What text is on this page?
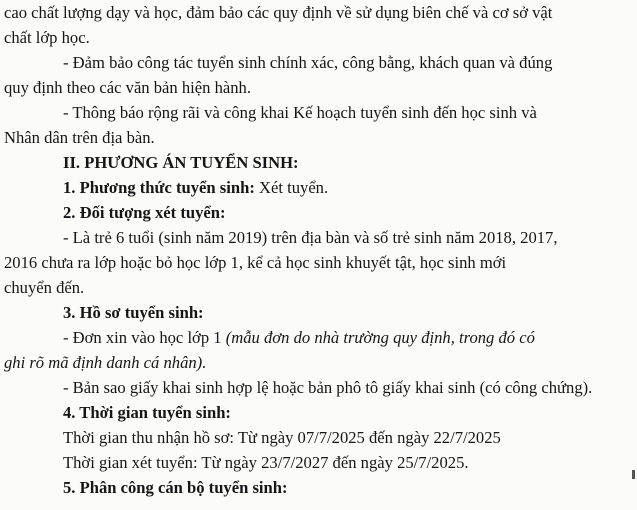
cao chất lượng dạy và học, đảm bảo các quy định về sử dụng biên chế và cơ sở vật
chất lớp học.
- Đảm bảo công tác tuyển sinh chính xác, công bằng, khách quan và đúng
quy định theo các văn bản hiện hành.
- Thông báo rộng rãi và công khai Kế hoạch tuyển sinh đến học sinh và
Nhân dân trên địa bàn.
II. PHƯƠNG ÁN TUYỂN SINH:
1. Phương thức tuyển sinh: Xét tuyển.
2. Đối tượng xét tuyển:
- Là trẻ 6 tuổi (sinh năm 2019) trên địa bàn và số trẻ sinh năm 2018, 2017,
2016 chưa ra lớp hoặc bỏ học lớp 1, kể cả học sinh khuyết tật, học sinh mới
chuyển đến.
3. Hồ sơ tuyển sinh:
- Đơn xin vào học lớp 1 (mẫu đơn do nhà trường quy định, trong đó có
ghi rõ mã định danh cá nhân).
- Bản sao giấy khai sinh hợp lệ hoặc bản phô tô giấy khai sinh (có công chứng).
4. Thời gian tuyển sinh:
Thời gian thu nhận hồ sơ: Từ ngày 07/7/2025 đến ngày 22/7/2025
Thời gian xét tuyển: Từ ngày 23/7/2027 đến ngày 25/7/2025.
5. Phân công cán bộ tuyển sinh:
